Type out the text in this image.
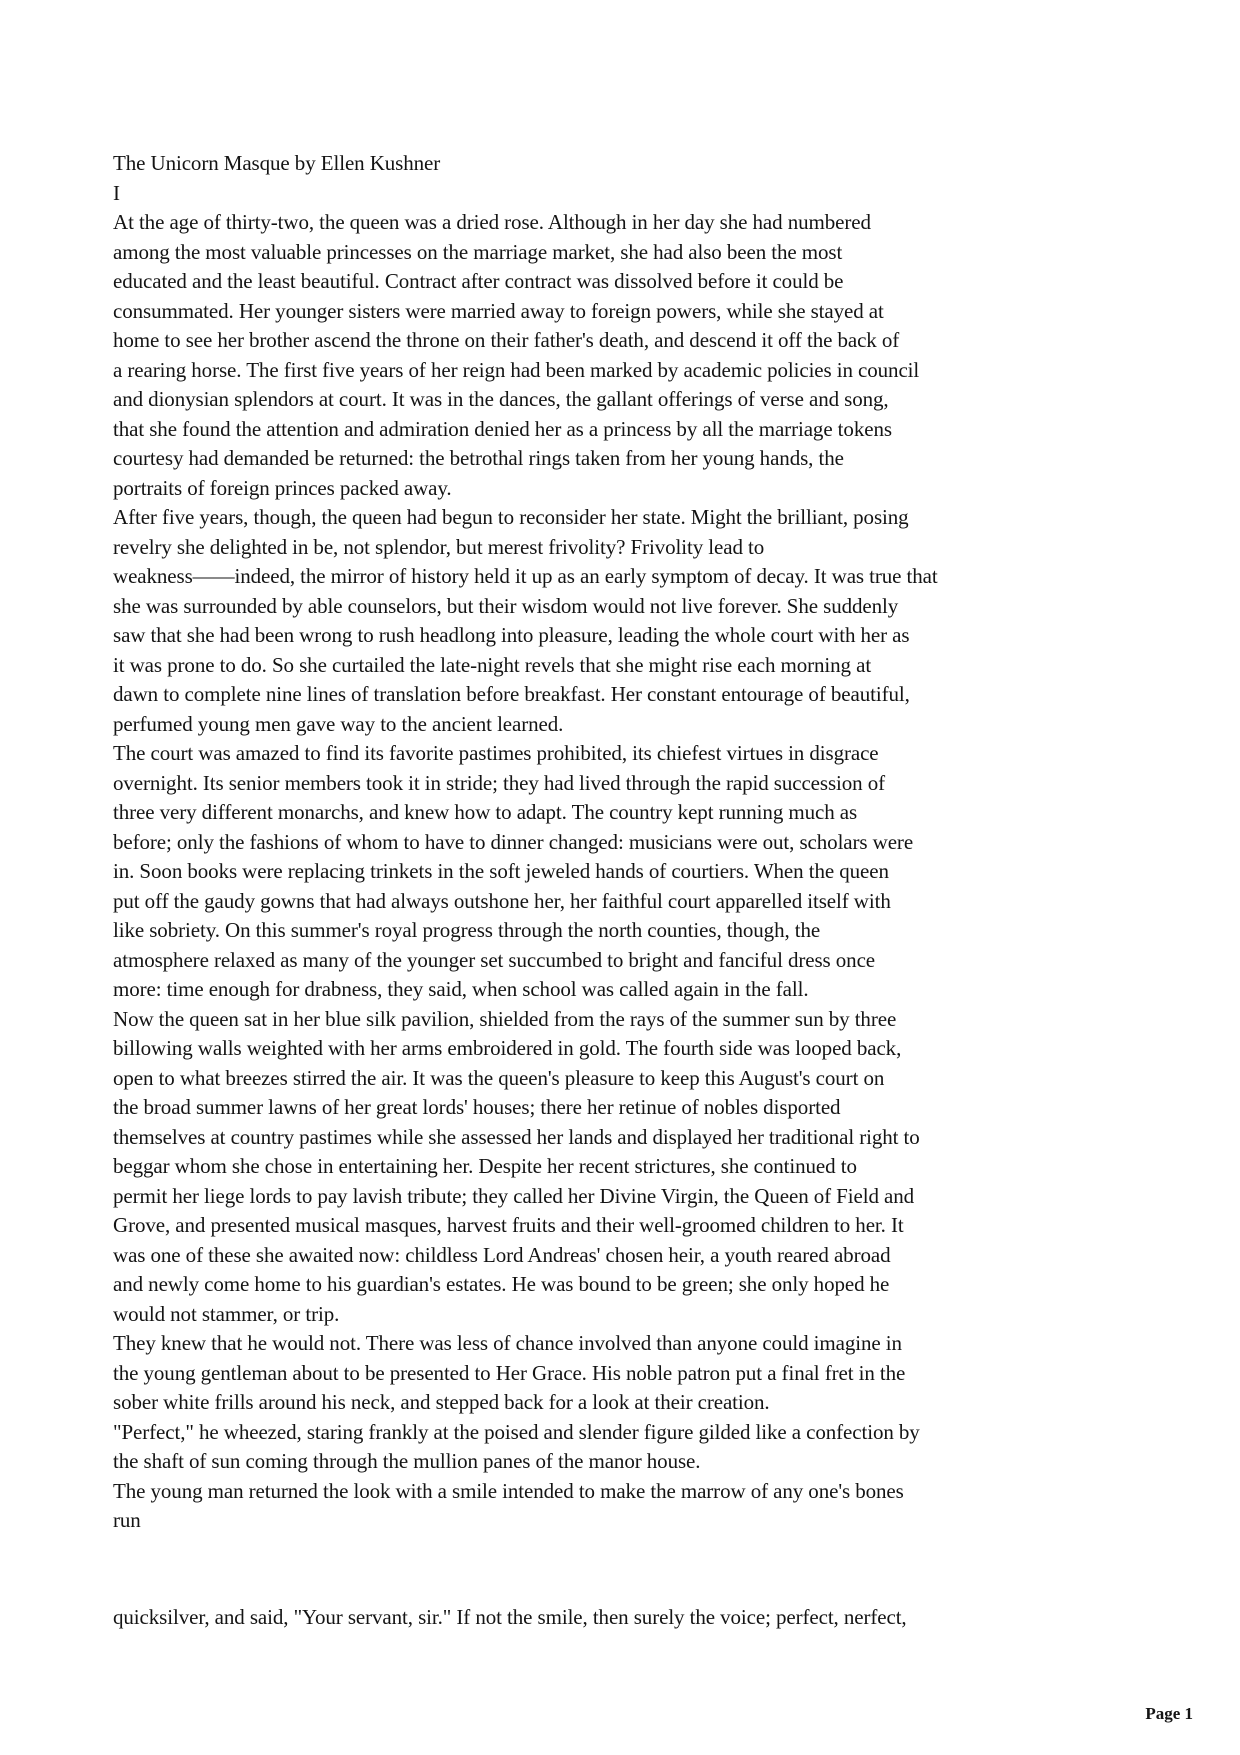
The Unicorn Masque by Ellen Kushner
I
At the age of thirty-two, the queen was a dried rose. Although in her day she had numbered
among the most valuable princesses on the marriage market, she had also been the most
educated and the least beautiful. Contract after contract was dissolved before it could be
consummated. Her younger sisters were married away to foreign powers, while she stayed at
home to see her brother ascend the throne on their father's death, and descend it off the back of
a rearing horse. The first five years of her reign had been marked by academic policies in council
and dionysian splendors at court. It was in the dances, the gallant offerings of verse and song,
that she found the attention and admiration denied her as a princess by all the marriage tokens
courtesy had demanded be returned: the betrothal rings taken from her young hands, the
portraits of foreign princes packed away.
After five years, though, the queen had begun to reconsider her state. Might the brilliant, posing
revelry she delighted in be, not splendor, but merest frivolity? Frivolity lead to
weakness——indeed, the mirror of history held it up as an early symptom of decay. It was true that
she was surrounded by able counselors, but their wisdom would not live forever. She suddenly
saw that she had been wrong to rush headlong into pleasure, leading the whole court with her as
it was prone to do. So she curtailed the late-night revels that she might rise each morning at
dawn to complete nine lines of translation before breakfast. Her constant entourage of beautiful,
perfumed young men gave way to the ancient learned.
The court was amazed to find its favorite pastimes prohibited, its chiefest virtues in disgrace
overnight. Its senior members took it in stride; they had lived through the rapid succession of
three very different monarchs, and knew how to adapt. The country kept running much as
before; only the fashions of whom to have to dinner changed: musicians were out, scholars were
in. Soon books were replacing trinkets in the soft jeweled hands of courtiers. When the queen
put off the gaudy gowns that had always outshone her, her faithful court apparelled itself with
like sobriety. On this summer's royal progress through the north counties, though, the
atmosphere relaxed as many of the younger set succumbed to bright and fanciful dress once
more: time enough for drabness, they said, when school was called again in the fall.
Now the queen sat in her blue silk pavilion, shielded from the rays of the summer sun by three
billowing walls weighted with her arms embroidered in gold. The fourth side was looped back,
open to what breezes stirred the air. It was the queen's pleasure to keep this August's court on
the broad summer lawns of her great lords' houses; there her retinue of nobles disported
themselves at country pastimes while she assessed her lands and displayed her traditional right to
beggar whom she chose in entertaining her. Despite her recent strictures, she continued to
permit her liege lords to pay lavish tribute; they called her Divine Virgin, the Queen of Field and
Grove, and presented musical masques, harvest fruits and their well-groomed children to her. It
was one of these she awaited now: childless Lord Andreas' chosen heir, a youth reared abroad
and newly come home to his guardian's estates. He was bound to be green; she only hoped he
would not stammer, or trip.
They knew that he would not. There was less of chance involved than anyone could imagine in
the young gentleman about to be presented to Her Grace. His noble patron put a final fret in the
sober white frills around his neck, and stepped back for a look at their creation.
"Perfect," he wheezed, staring frankly at the poised and slender figure gilded like a confection by
the shaft of sun coming through the mullion panes of the manor house.
The young man returned the look with a smile intended to make the marrow of any one's bones
run
quicksilver, and said, "Your servant, sir." If not the smile, then surely the voice; perfect, nerfect,
Page 1
